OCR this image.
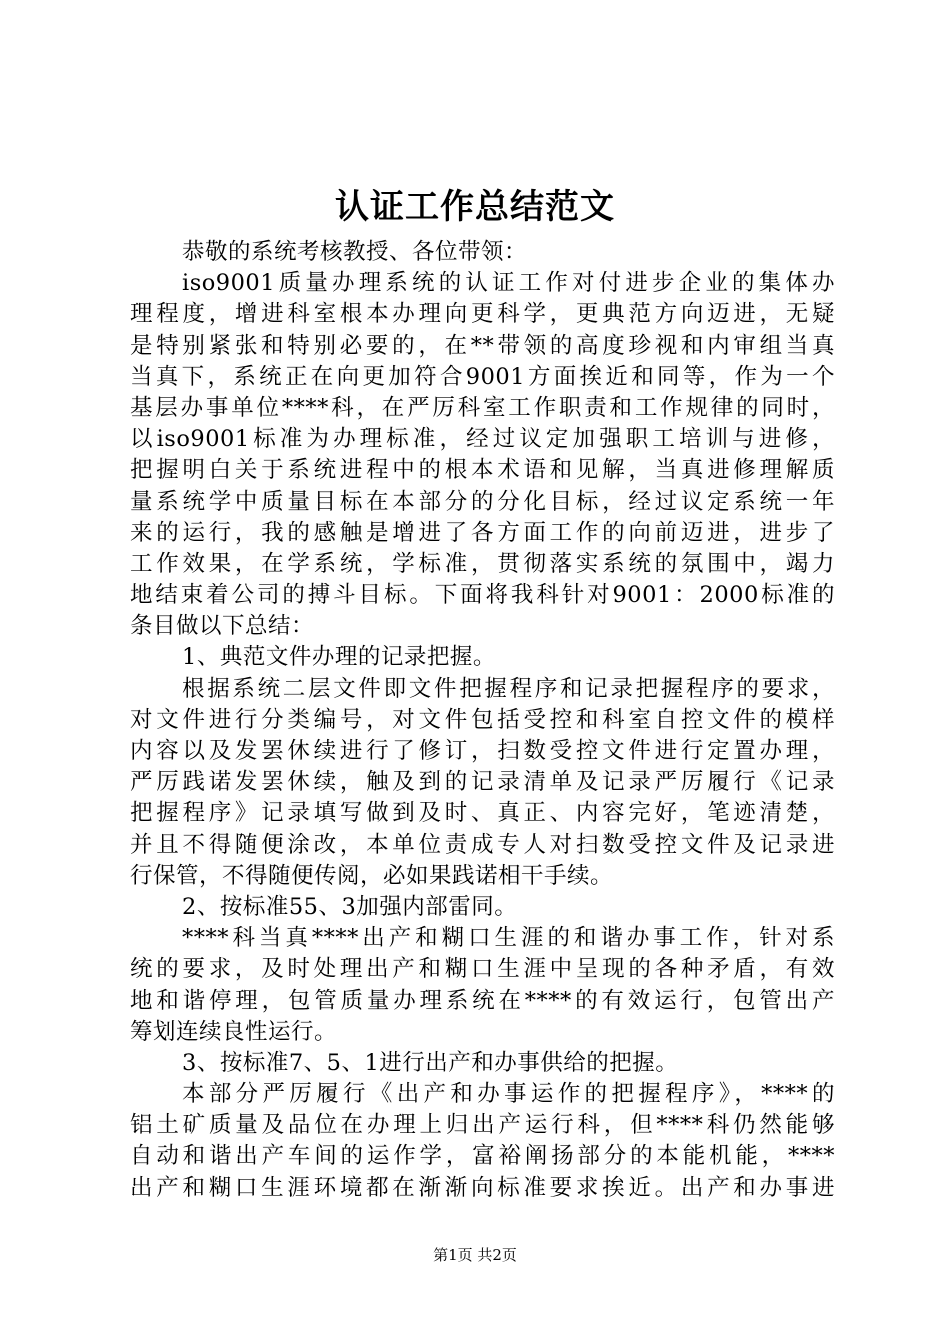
认证工作总结范文
恭敬的系统考核教授、各位带领：
iso9001质量办理系统的认证工作对付进步企业的集体办
理程度，增进科室根本办理向更科学，更典范方向迈进，无疑
是特别紧张和特别必要的，在**带领的高度珍视和内审组当真
当真下，系统正在向更加符合9001方面挨近和同等，作为一个
基层办事单位****科，在严厉科室工作职责和工作规律的同时，
以iso9001标准为办理标准，经过议定加强职工培训与进修，
把握明白关于系统进程中的根本术语和见解，当真进修理解质
量系统学中质量目标在本部分的分化目标，经过议定系统一年
来的运行，我的感触是增进了各方面工作的向前迈进，进步了
工作效果，在学系统，学标准，贯彻落实系统的氛围中，竭力
地结束着公司的搏斗目标。下面将我科针对9001：2000标准的
条目做以下总结：
1、典范文件办理的记录把握。
根据系统二层文件即文件把握程序和记录把握程序的要求，
对文件进行分类编号，对文件包括受控和科室自控文件的模样
内容以及发罢休续进行了修订，扫数受控文件进行定置办理，
严厉践诺发罢休续，触及到的记录清单及记录严厉履行《记录
把握程序》记录填写做到及时、真正、内容完好，笔迹清楚，
并且不得随便涂改，本单位责成专人对扫数受控文件及记录进
行保管，不得随便传阅，必如果践诺相干手续。
2、按标准55、3加强内部雷同。
****科当真****出产和糊口生涯的和谐办事工作，针对系
统的要求，及时处理出产和糊口生涯中呈现的各种矛盾，有效
地和谐停理，包管质量办理系统在****的有效运行，包管出产
筹划连续良性运行。
3、按标准7、5、1进行出产和办事供给的把握。
本部分严厉履行《出产和办事运作的把握程序》，****的
铝土矿质量及品位在办理上归出产运行科，但****科仍然能够
自动和谐出产车间的运作学，富裕阐扬部分的本能机能，****
出产和糊口生涯环境都在渐渐向标准要求挨近。出产和办事进
第1页 共2页
